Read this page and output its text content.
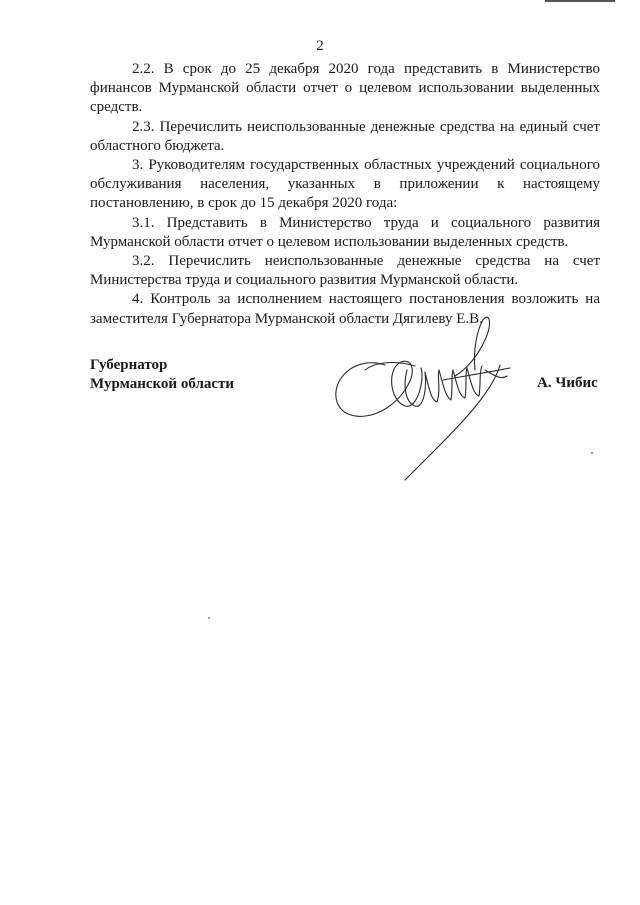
2

2.2. В срок до 25 декабря 2020 года представить в Министерство финансов Мурманской области отчет о целевом использовании выделенных средств.

2.3. Перечислить неиспользованные денежные средства на единый счет областного бюджета.

3. Руководителям государственных областных учреждений социального обслуживания населения, указанных в приложении к настоящему постановлению, в срок до 15 декабря 2020 года:

3.1. Представить в Министерство труда и социального развития Мурманской области отчет о целевом использовании выделенных средств.

3.2. Перечислить неиспользованные денежные средства на счет Министерства труда и социального развития Мурманской области.

4. Контроль за исполнением настоящего постановления возложить на заместителя Губернатора Мурманской области Дягилеву Е.В.

Губернатор
Мурманской области	А. Чибис
